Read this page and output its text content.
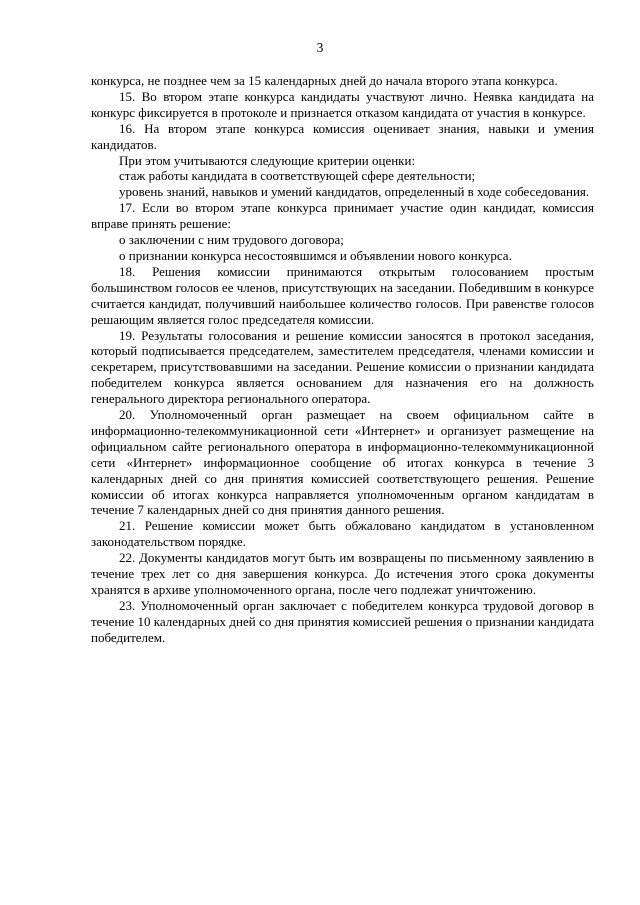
3

конкурса, не позднее чем за 15 календарных дней до начала второго этапа конкурса.

15. Во втором этапе конкурса кандидаты участвуют лично. Неявка кандидата на конкурс фиксируется в протоколе и признается отказом кандидата от участия в конкурсе.

16. На втором этапе конкурса комиссия оценивает знания, навыки и умения кандидатов.

При этом учитываются следующие критерии оценки:

стаж работы кандидата в соответствующей сфере деятельности;

уровень знаний, навыков и умений кандидатов, определенный в ходе собеседования.

17. Если во втором этапе конкурса принимает участие один кандидат, комиссия вправе принять решение:

о заключении с ним трудового договора;

о признании конкурса несостоявшимся и объявлении нового конкурса.

18. Решения комиссии принимаются открытым голосованием простым большинством голосов ее членов, присутствующих на заседании. Победившим в конкурсе считается кандидат, получивший наибольшее количество голосов. При равенстве голосов решающим является голос председателя комиссии.

19. Результаты голосования и решение комиссии заносятся в протокол заседания, который подписывается председателем, заместителем председателя, членами комиссии и секретарем, присутствовавшими на заседании. Решение комиссии о признании кандидата победителем конкурса является основанием для назначения его на должность генерального директора регионального оператора.

20. Уполномоченный орган размещает на своем официальном сайте в информационно-телекоммуникационной сети «Интернет» и организует размещение на официальном сайте регионального оператора в информационно-телекоммуникационной сети «Интернет» информационное сообщение об итогах конкурса в течение 3 календарных дней со дня принятия комиссией соответствующего решения. Решение комиссии об итогах конкурса направляется уполномоченным органом кандидатам в течение 7 календарных дней со дня принятия данного решения.

21. Решение комиссии может быть обжаловано кандидатом в установленном законодательством порядке.

22. Документы кандидатов могут быть им возвращены по письменному заявлению в течение трех лет со дня завершения конкурса. До истечения этого срока документы хранятся в архиве уполномоченного органа, после чего подлежат уничтожению.

23. Уполномоченный орган заключает с победителем конкурса трудовой договор в течение 10 календарных дней со дня принятия комиссией решения о признании кандидата победителем.
